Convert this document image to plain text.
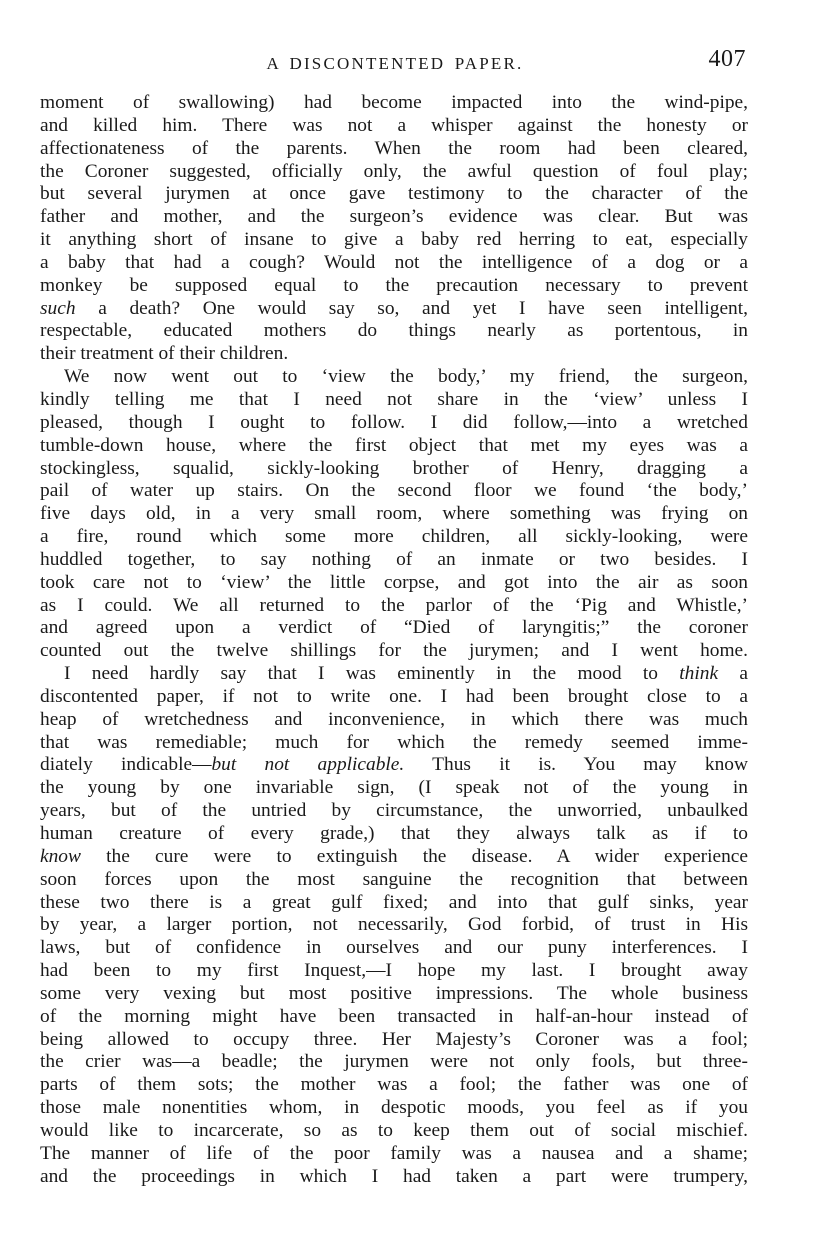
A DISCONTENTED PAPER.	407
moment of swallowing) had become impacted into the wind-pipe,
and killed him. There was not a whisper against the honesty or
affectionateness of the parents. When the room had been cleared,
the Coroner suggested, officially only, the awful question of foul play;
but several jurymen at once gave testimony to the character of the
father and mother, and the surgeon’s evidence was clear. But was
it anything short of insane to give a baby red herring to eat, especially
a baby that had a cough? Would not the intelligence of a dog or a
monkey be supposed equal to the precaution necessary to prevent
such a death? One would say so, and yet I have seen intelligent,
respectable, educated mothers do things nearly as portentous, in
their treatment of their children.
We now went out to ‘view the body,’ my friend, the surgeon,
kindly telling me that I need not share in the ‘view’ unless I
pleased, though I ought to follow. I did follow,—into a wretched
tumble-down house, where the first object that met my eyes was a
stockingless, squalid, sickly-looking brother of Henry, dragging a
pail of water up stairs. On the second floor we found ‘the body,’
five days old, in a very small room, where something was frying on
a fire, round which some more children, all sickly-looking, were
huddled together, to say nothing of an inmate or two besides. I
took care not to ‘view’ the little corpse, and got into the air as soon
as I could. We all returned to the parlor of the ‘Pig and Whistle,’
and agreed upon a verdict of “Died of laryngitis;” the coroner
counted out the twelve shillings for the jurymen; and I went home.
I need hardly say that I was eminently in the mood to think a
discontented paper, if not to write one. I had been brought close to a
heap of wretchedness and inconvenience, in which there was much
that was remediable; much for which the remedy seemed imme-
diately indicable—but not applicable. Thus it is. You may know
the young by one invariable sign, (I speak not of the young in
years, but of the untried by circumstance, the unworried, unbaulked
human creature of every grade,) that they always talk as if to
know the cure were to extinguish the disease. A wider experience
soon forces upon the most sanguine the recognition that between
these two there is a great gulf fixed; and into that gulf sinks, year
by year, a larger portion, not necessarily, God forbid, of trust in His
laws, but of confidence in ourselves and our puny interferences. I
had been to my first Inquest,—I hope my last. I brought away
some very vexing but most positive impressions. The whole business
of the morning might have been transacted in half-an-hour instead of
being allowed to occupy three. Her Majesty’s Coroner was a fool;
the crier was—a beadle; the jurymen were not only fools, but three-
parts of them sots; the mother was a fool; the father was one of
those male nonentities whom, in despotic moods, you feel as if you
would like to incarcerate, so as to keep them out of social mischief.
The manner of life of the poor family was a nausea and a shame;
and the proceedings in which I had taken a part were trumpery,
